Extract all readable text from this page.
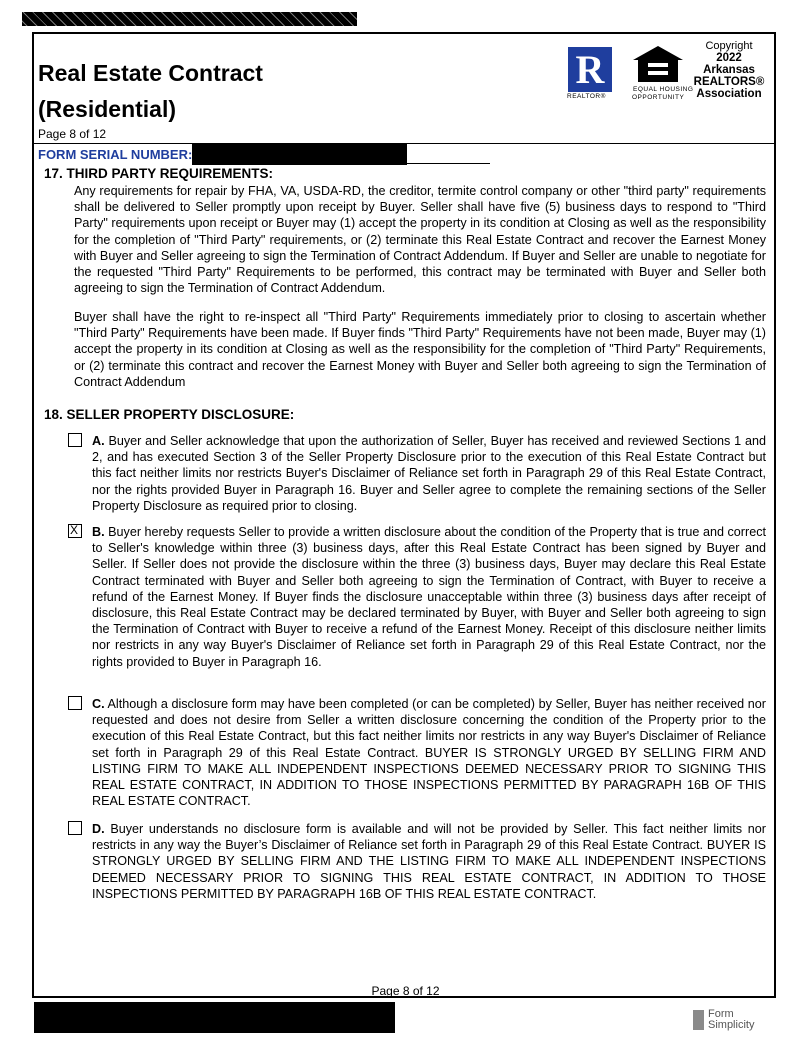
Real Estate Contract
(Residential)
Page 8 of 12
R
REALTOR®
EQUAL HOUSING
OPPORTUNITY
Copyright
2022
Arkansas
REALTORS®
Association
FORM SERIAL NUMBER:
17. THIRD PARTY REQUIREMENTS:

Any requirements for repair by FHA, VA, USDA-RD, the creditor, termite control company or other "third party" requirements shall be delivered to Seller promptly upon receipt by Buyer. Seller shall have five (5) business days to respond to "Third Party" requirements upon receipt or Buyer may (1) accept the property in its condition at Closing as well as the responsibility for the completion of "Third Party" requirements, or (2) terminate this Real Estate Contract and recover the Earnest Money with Buyer and Seller agreeing to sign the Termination of Contract Addendum. If Buyer and Seller are unable to negotiate for the requested "Third Party" Requirements to be performed, this contract may be terminated with Buyer and Seller both agreeing to sign the Termination of Contract Addendum.

Buyer shall have the right to re-inspect all "Third Party" Requirements immediately prior to closing to ascertain whether "Third Party" Requirements have been made. If Buyer finds "Third Party" Requirements have not been made, Buyer may (1) accept the property in its condition at Closing as well as the responsibility for the completion of "Third Party" Requirements, or (2) terminate this contract and recover the Earnest Money with Buyer and Seller both agreeing to sign the Termination of Contract Addendum

18. SELLER PROPERTY DISCLOSURE:

A. Buyer and Seller acknowledge that upon the authorization of Seller, Buyer has received and reviewed Sections 1 and 2, and has executed Section 3 of the Seller Property Disclosure prior to the execution of this Real Estate Contract but this fact neither limits nor restricts Buyer's Disclaimer of Reliance set forth in Paragraph 29 of this Real Estate Contract, nor the rights provided Buyer in Paragraph 16. Buyer and Seller agree to complete the remaining sections of the Seller Property Disclosure as required prior to closing.

X	B. Buyer hereby requests Seller to provide a written disclosure about the condition of the Property that is true and correct to Seller's knowledge within three (3) business days, after this Real Estate Contract has been signed by Buyer and Seller. If Seller does not provide the disclosure within the three (3) business days, Buyer may declare this Real Estate Contract terminated with Buyer and Seller both agreeing to sign the Termination of Contract, with Buyer to receive a refund of the Earnest Money. If Buyer finds the disclosure unacceptable within three (3) business days after receipt of disclosure, this Real Estate Contract may be declared terminated by Buyer, with Buyer and Seller both agreeing to sign the Termination of Contract with Buyer to receive a refund of the Earnest Money. Receipt of this disclosure neither limits nor restricts in any way Buyer's Disclaimer of Reliance set forth in Paragraph 29 of this Real Estate Contract, nor the rights provided to Buyer in Paragraph 16.

C. Although a disclosure form may have been completed (or can be completed) by Seller, Buyer has neither received nor requested and does not desire from Seller a written disclosure concerning the condition of the Property prior to the execution of this Real Estate Contract, but this fact neither limits nor restricts in any way Buyer's Disclaimer of Reliance set forth in Paragraph 29 of this Real Estate Contract. BUYER IS STRONGLY URGED BY SELLING FIRM AND LISTING FIRM TO MAKE ALL INDEPENDENT INSPECTIONS DEEMED NECESSARY PRIOR TO SIGNING THIS REAL ESTATE CONTRACT, IN ADDITION TO THOSE INSPECTIONS PERMITTED BY PARAGRAPH 16B OF THIS REAL ESTATE CONTRACT.

D. Buyer understands no disclosure form is available and will not be provided by Seller. This fact neither limits nor restricts in any way the Buyer’s Disclaimer of Reliance set forth in Paragraph 29 of this Real Estate Contract. BUYER IS STRONGLY URGED BY SELLING FIRM AND THE LISTING FIRM TO MAKE ALL INDEPENDENT INSPECTIONS DEEMED NECESSARY PRIOR TO SIGNING THIS REAL ESTATE CONTRACT, IN ADDITION TO THOSE INSPECTIONS PERMITTED BY PARAGRAPH 16B OF THIS REAL ESTATE CONTRACT.

Page 8 of 12
Form
Simplicity
